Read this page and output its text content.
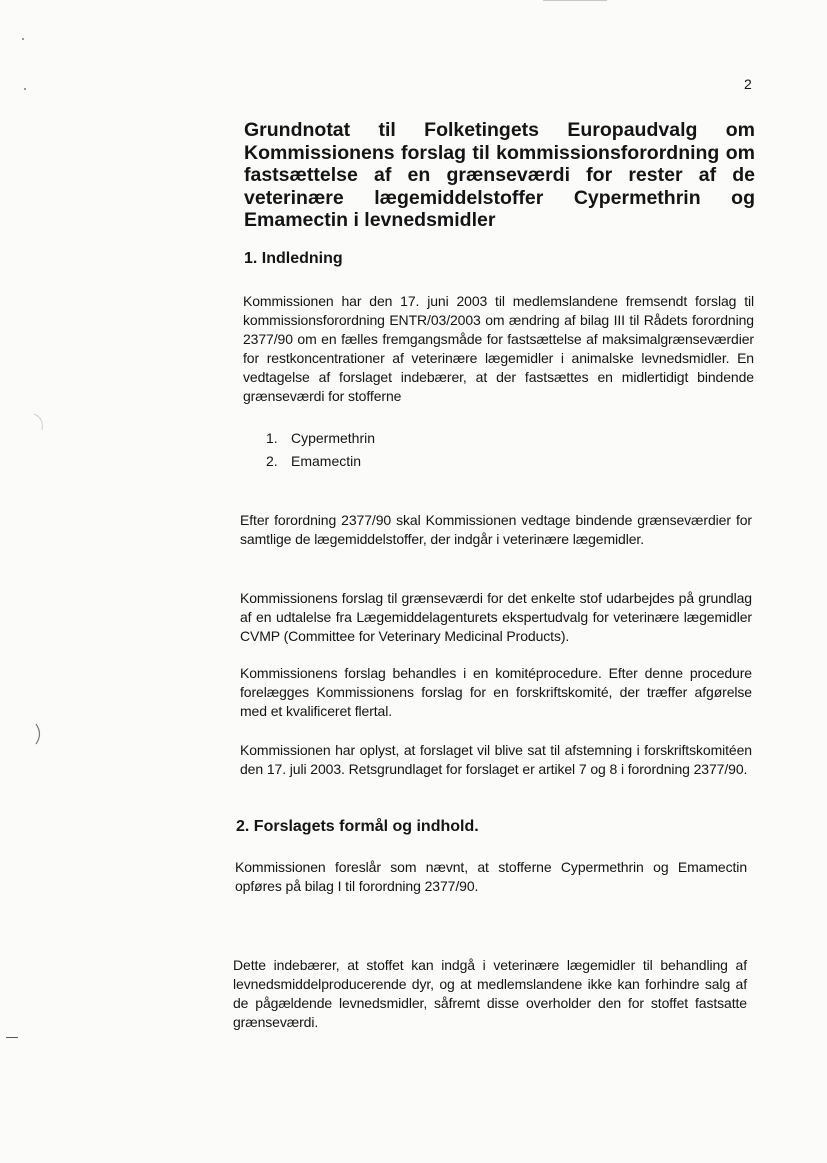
2
Grundnotat til Folketingets Europaudvalg om Kommissionens forslag til kommissionsforordning om fastsættelse af en grænseværdi for rester af de veterinære lægemiddelstoffer Cypermethrin og Emamectin i levnedsmidler
1. Indledning

Kommissionen har den 17. juni 2003 til medlemslandene fremsendt forslag til kommissionsforordning ENTR/03/2003 om ændring af bilag III til Rådets forordning 2377/90 om en fælles fremgangsmåde for fastsættelse af maksimalgrænseværdier for restkoncentrationer af veterinære lægemidler i animalske levnedsmidler. En vedtagelse af forslaget indebærer, at der fastsættes en midlertidigt bindende grænseværdi for stofferne

1. Cypermethrin
2. Emamectin

Efter forordning 2377/90 skal Kommissionen vedtage bindende grænseværdier for samtlige de lægemiddelstoffer, der indgår i veterinære lægemidler.

Kommissionens forslag til grænseværdi for det enkelte stof udarbejdes på grundlag af en udtalelse fra Lægemiddelagenturets ekspertudvalg for veterinære lægemidler CVMP (Committee for Veterinary Medicinal Products).

Kommissionens forslag behandles i en komitéprocedure. Efter denne procedure forelægges Kommissionens forslag for en forskriftskomité, der træffer afgørelse med et kvalificeret flertal.

Kommissionen har oplyst, at forslaget vil blive sat til afstemning i forskriftskomitéen den 17. juli 2003. Retsgrundlaget for forslaget er artikel 7 og 8 i forordning 2377/90.

2. Forslagets formål og indhold.

Kommissionen foreslår som nævnt, at stofferne Cypermethrin og Emamectin opføres på bilag I til forordning 2377/90.

Dette indebærer, at stoffet kan indgå i veterinære lægemidler til behandling af levnedsmiddelproducerende dyr, og at medlemslandene ikke kan forhindre salg af de pågældende levnedsmidler, såfremt disse overholder den for stoffet fastsatte grænseværdi.
